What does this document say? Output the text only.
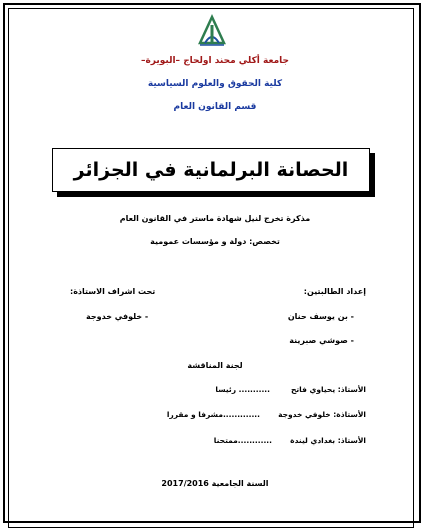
جامعة أكلي محند اولحاج –البويرة–
كلية الحقوق والعلوم السياسية
قسم القانون العام
الحصانة البرلمانية في الجزائر
مذكرة تخرج لنيل شهادة ماستر في القانون العام
تخصص: دولة و مؤسسات عمومية
إعداد الطالبتين:
- بن يوسف حنان
- صوشي صبرينة
تحت اشراف الاستاذة:
- خلوفي خدوجة
لجنة المناقشة
الأستاذ: يحياوي فاتح
........... رئيسا
الأستاذة: خلوفي خدوجة
.............مشرفا و مقررا
الأستاذ: بغدادي ليندة
............ممتحنا
السنة الجامعية 2017/2016
